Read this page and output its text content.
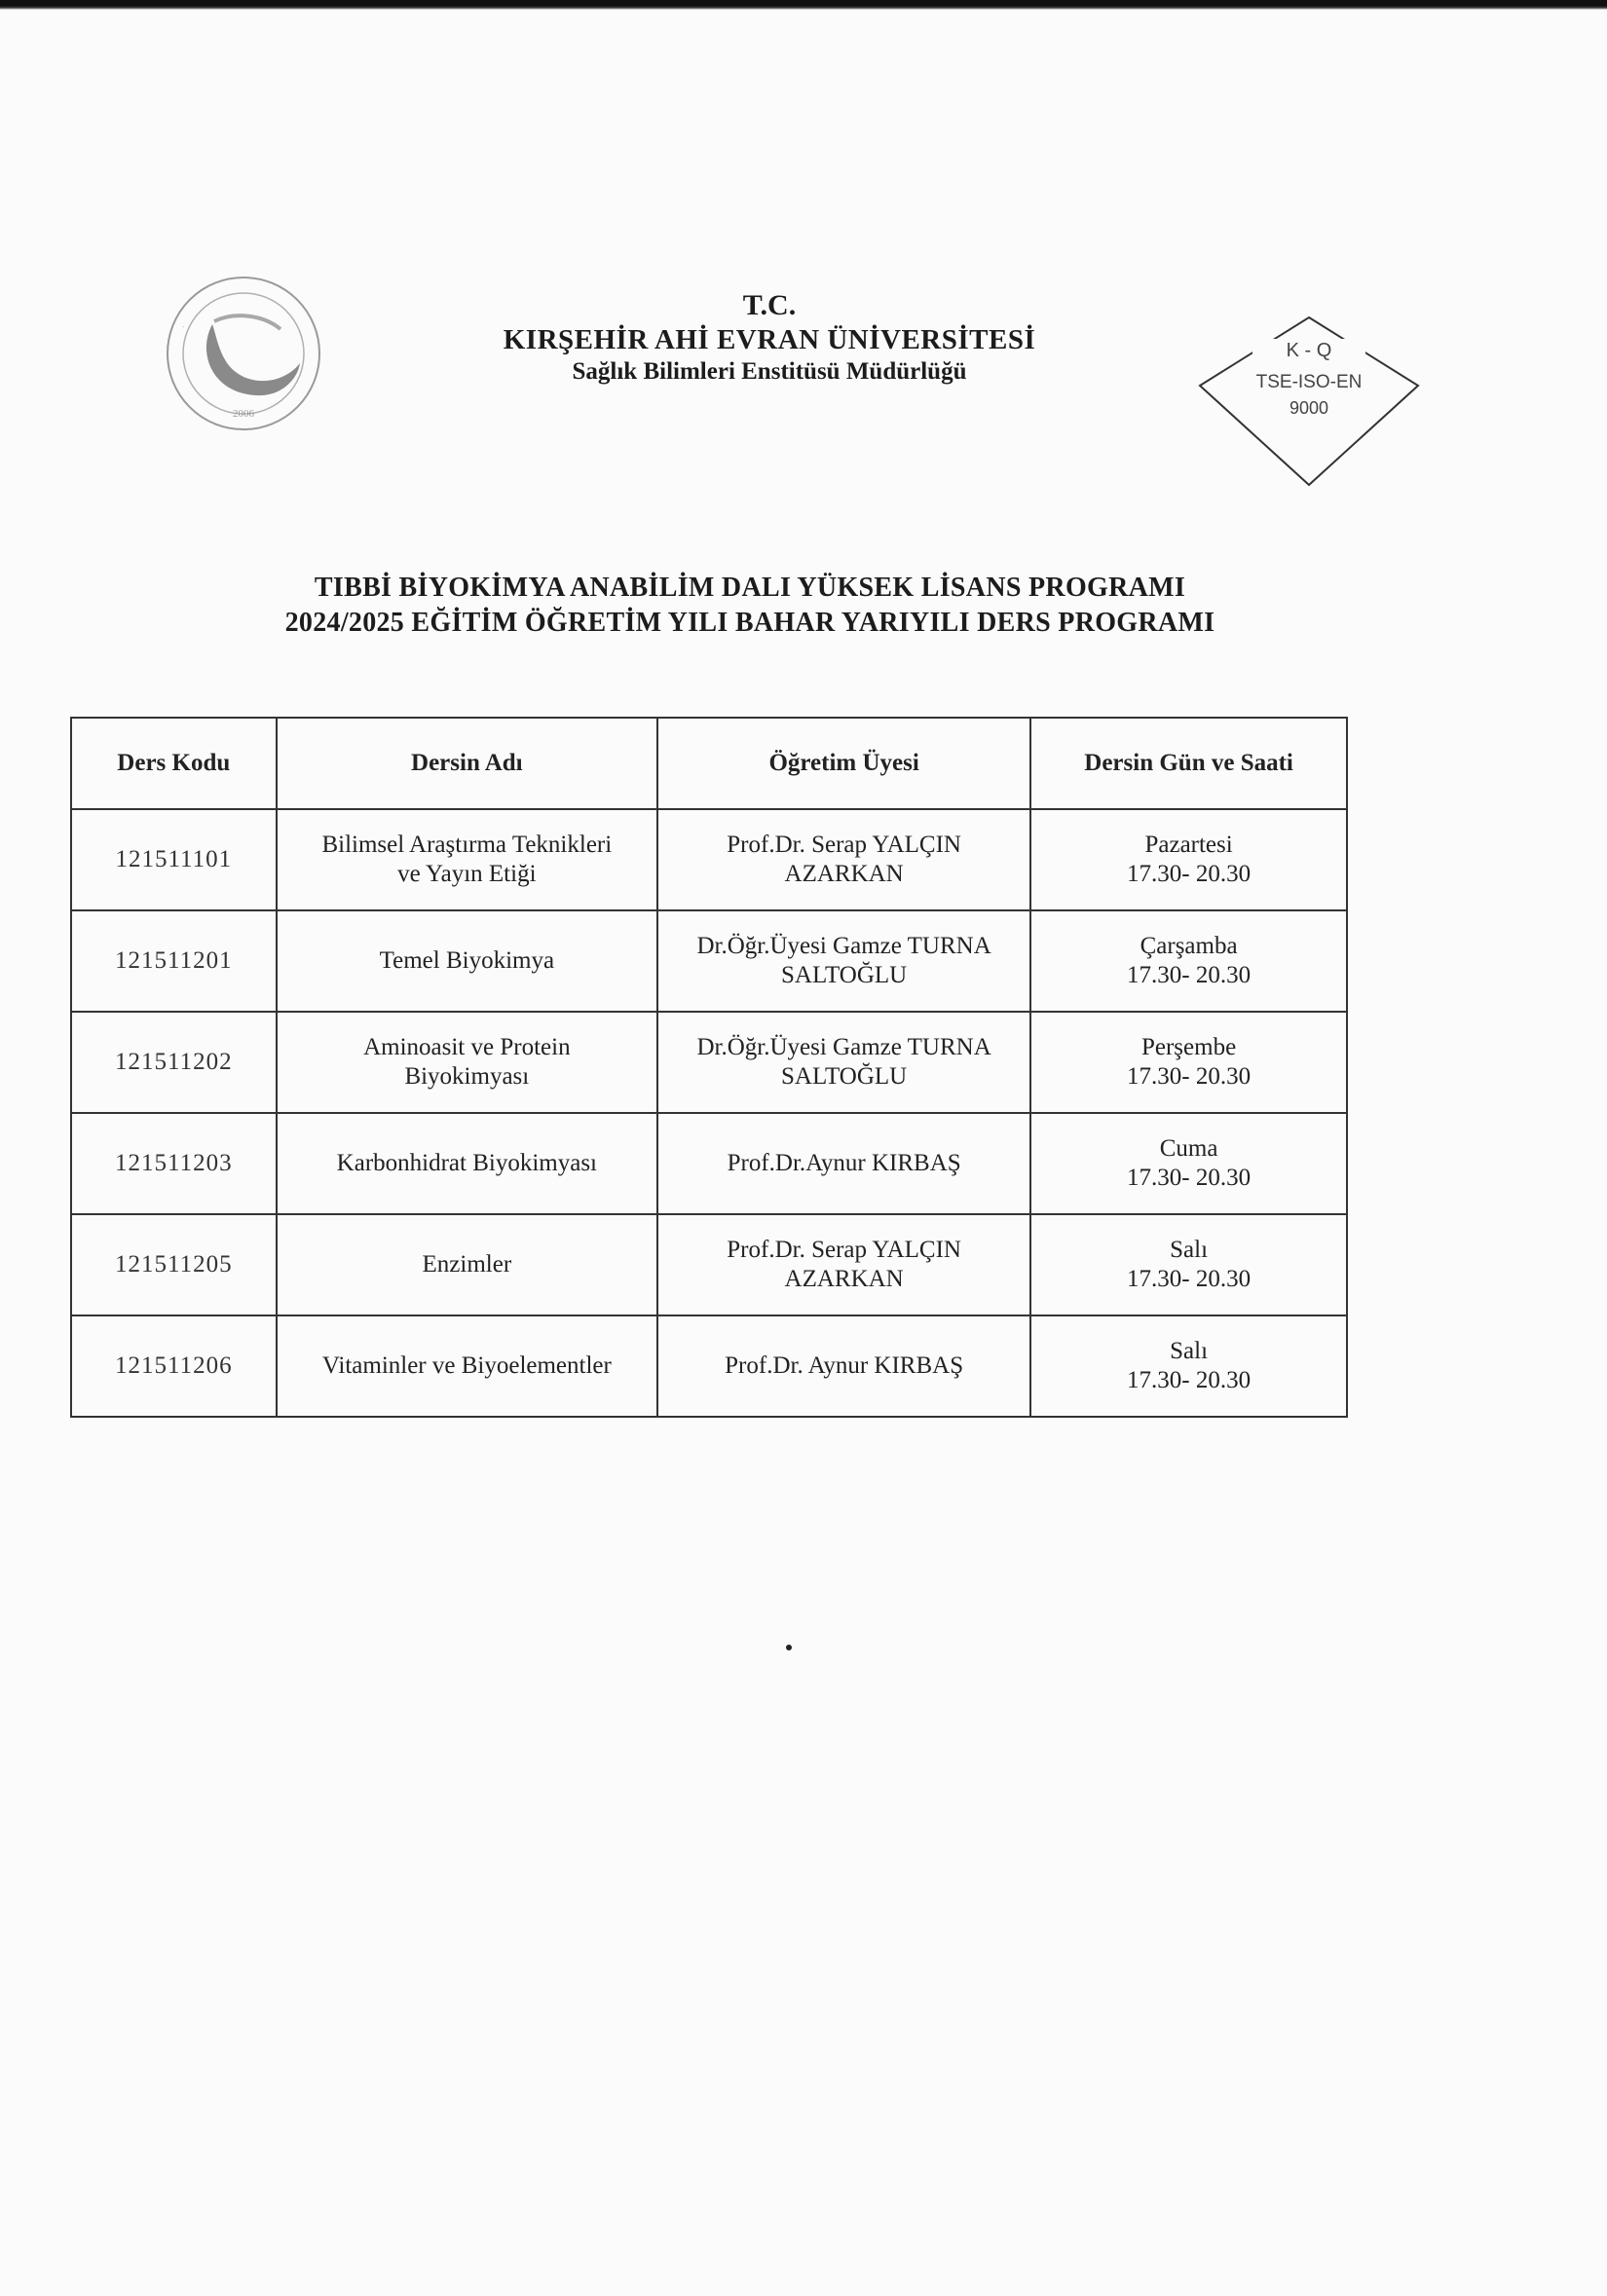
2006
·
K - Q
TSE-ISO-EN
9000
T.C.
KIRŞEHİR AHİ EVRAN ÜNİVERSİTESİ
Sağlık Bilimleri Enstitüsü Müdürlüğü
TIBBİ BİYOKİMYA ANABİLİM DALI YÜKSEK LİSANS PROGRAMI
2024/2025 EĞİTİM ÖĞRETİM YILI BAHAR YARIYILI DERS PROGRAMI
Ders Kodu	Dersin Adı	Öğretim Üyesi	Dersin Gün ve Saati
121511101	Bilimsel Araştırma Teknikleri
ve Yayın Etiği	Prof.Dr. Serap YALÇIN
AZARKAN	Pazartesi
17.30- 20.30

121511201	Temel Biyokimya	Dr.Öğr.Üyesi Gamze TURNA
SALTOĞLU	Çarşamba
17.30- 20.30

121511202	Aminoasit ve Protein
Biyokimyası	Dr.Öğr.Üyesi Gamze TURNA
SALTOĞLU	Perşembe
17.30- 20.30

121511203	Karbonhidrat Biyokimyası	Prof.Dr.Aynur KIRBAŞ	Cuma
17.30- 20.30

121511205	Enzimler	Prof.Dr. Serap YALÇIN
AZARKAN	Salı
17.30- 20.30

121511206	Vitaminler ve Biyoelementler	Prof.Dr. Aynur KIRBAŞ	Salı
17.30- 20.30
